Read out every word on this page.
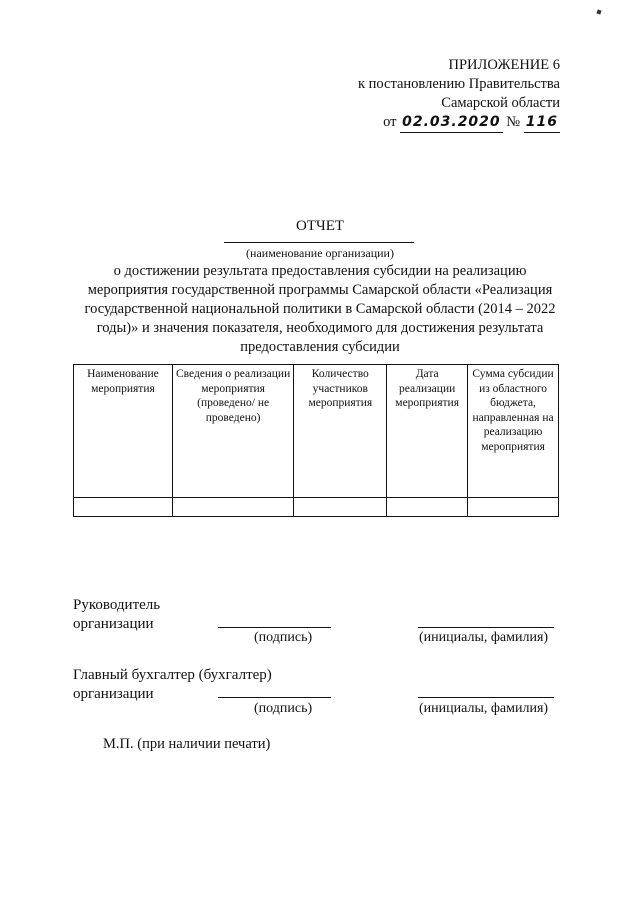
ПРИЛОЖЕНИЕ 6
к постановлению Правительства
Самарской области
от 02.03.2020 № 116
ОТЧЕТ
(наименование организации)
о достижении результата предоставления субсидии на реализацию мероприятия государственной программы Самарской области «Реализация государственной национальной политики в Самарской области (2014 – 2022 годы)» и значения показателя, необходимого для достижения результата предоставления субсидии
Наименование мероприятия	Сведения о реализации мероприятия (проведено/ не проведено)	Количество участников мероприятия	Дата реализации мероприятия	Сумма субсидии из областного бюджета, направленная на реализацию мероприятия

Руководитель
организации
(подпись)	(инициалы, фамилия)
Главный бухгалтер (бухгалтер)
организации
(подпись)	(инициалы, фамилия)
М.П. (при наличии печати)
